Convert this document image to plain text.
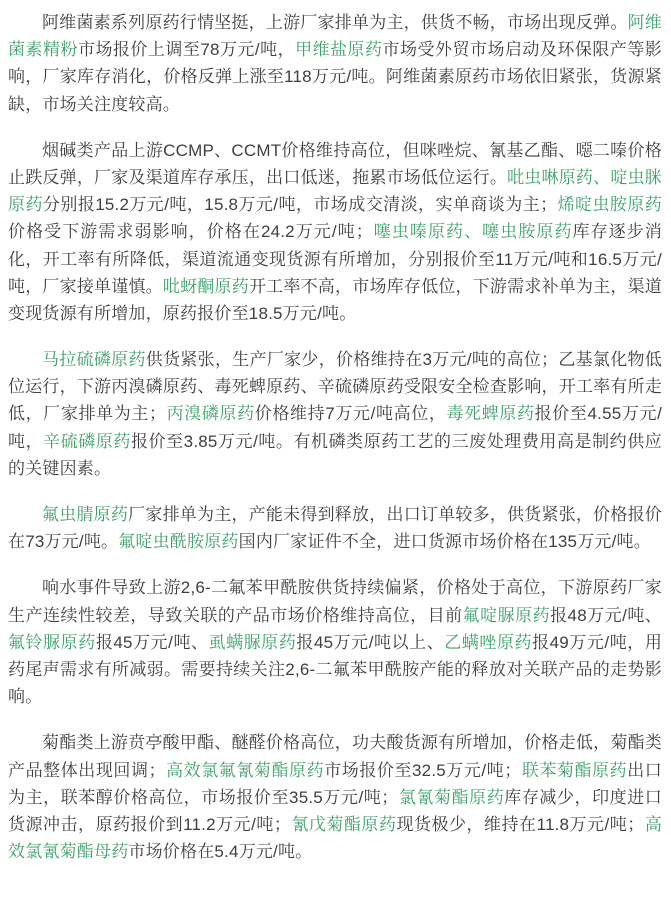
阿维菌素系列原药行情坚挺，上游厂家排单为主，供货不畅，市场出现反弹。阿维菌素精粉市场报价上调至78万元/吨，甲维盐原药市场受外贸市场启动及环保限产等影响，厂家库存消化，价格反弹上涨至118万元/吨。阿维菌素原药市场依旧紧张，货源紧缺，市场关注度较高。

烟碱类产品上游CCMP、CCMT价格维持高位，但咪唑烷、氰基乙酯、噁二嗪价格止跌反弹，厂家及渠道库存承压，出口低迷，拖累市场低位运行。吡虫啉原药、啶虫脒原药分别报15.2万元/吨，15.8万元/吨，市场成交清淡，实单商谈为主；烯啶虫胺原药价格受下游需求弱影响，价格在24.2万元/吨；噻虫嗪原药、噻虫胺原药库存逐步消化，开工率有所降低，渠道流通变现货源有所增加，分别报价至11万元/吨和16.5万元/吨，厂家接单谨慎。吡蚜酮原药开工率不高，市场库存低位，下游需求补单为主，渠道变现货源有所增加，原药报价至18.5万元/吨。

马拉硫磷原药供货紧张，生产厂家少，价格维持在3万元/吨的高位；乙基氯化物低位运行，下游丙溴磷原药、毒死蜱原药、辛硫磷原药受限安全检查影响，开工率有所走低，厂家排单为主；丙溴磷原药价格维持7万元/吨高位，毒死蜱原药报价至4.55万元/吨，辛硫磷原药报价至3.85万元/吨。有机磷类原药工艺的三废处理费用高是制约供应的关键因素。

氟虫腈原药厂家排单为主，产能未得到释放，出口订单较多，供货紧张，价格报价在73万元/吨。氟啶虫酰胺原药国内厂家证件不全，进口货源市场价格在135万元/吨。

响水事件导致上游2,6-二氟苯甲酰胺供货持续偏紧，价格处于高位，下游原药厂家生产连续性较差，导致关联的产品市场价格维持高位，目前氟啶脲原药报48万元/吨、氟铃脲原药报45万元/吨、虱螨脲原药报45万元/吨以上、乙螨唑原药报49万元/吨，用药尾声需求有所减弱。需要持续关注2,6-二氟苯甲酰胺产能的释放对关联产品的走势影响。

菊酯类上游贲亭酸甲酯、醚醛价格高位，功夫酸货源有所增加，价格走低，菊酯类产品整体出现回调；高效氯氟氰菊酯原药市场报价至32.5万元/吨；联苯菊酯原药出口为主，联苯醇价格高位，市场报价至35.5万元/吨；氯氰菊酯原药库存减少，印度进口货源冲击，原药报价到11.2万元/吨；氰戊菊酯原药现货极少，维持在11.8万元/吨；高效氯氰菊酯母药市场价格在5.4万元/吨。
